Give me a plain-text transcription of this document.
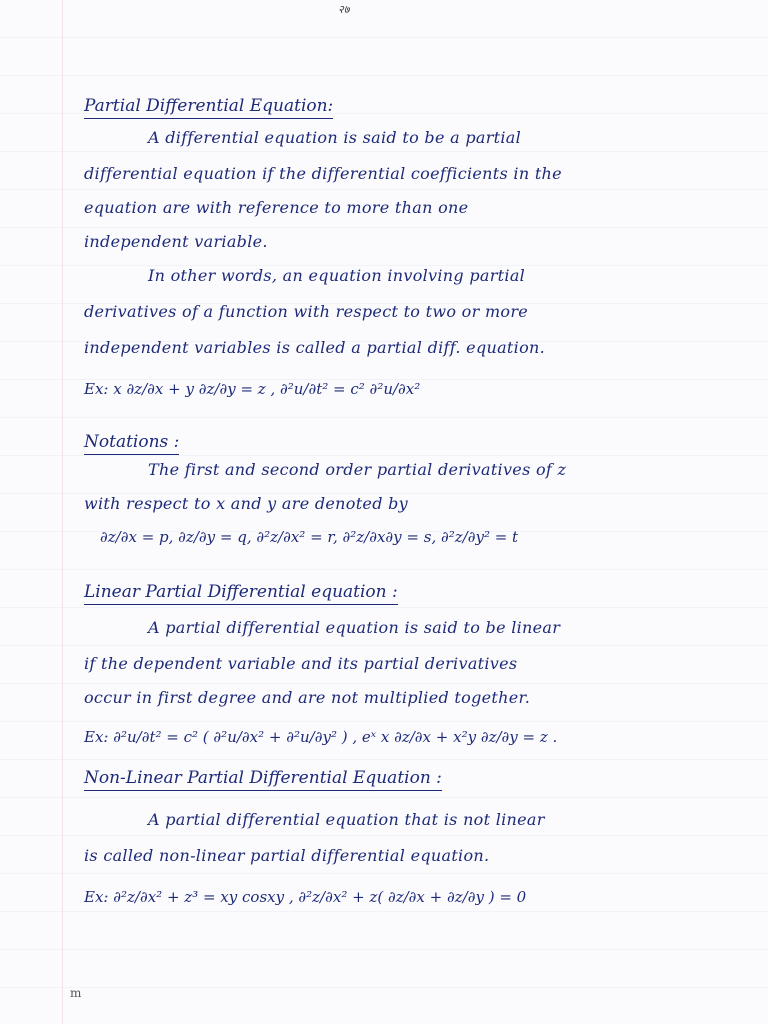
२७
Partial Differential Equation:
A differential equation is said to be a partial
differential equation if the differential coefficients in the
equation are with reference to more than one
independent variable.
In other words, an equation involving partial
derivatives of a function with respect to two or more
independent variables is called a partial diff. equation.
Ex: x ∂z/∂x + y ∂z/∂y = z , ∂²u/∂t² = c² ∂²u/∂x²
Notations :
The first and second order partial derivatives of z
with respect to x and y are denoted by
∂z/∂x = p, ∂z/∂y = q, ∂²z/∂x² = r, ∂²z/∂x∂y = s, ∂²z/∂y² = t
Linear Partial Differential equation :
A partial differential equation is said to be linear
if the dependent variable and its partial derivatives
occur in first degree and are not multiplied together.
Ex: ∂²u/∂t² = c² ( ∂²u/∂x² + ∂²u/∂y² ) , eˣ x ∂z/∂x + x²y ∂z/∂y = z .
Non-Linear Partial Differential Equation :
A partial differential equation that is not linear
is called non-linear partial differential equation.
Ex: ∂²z/∂x² + z³ = xy cosxy , ∂²z/∂x² + z( ∂z/∂x + ∂z/∂y ) = 0
m
